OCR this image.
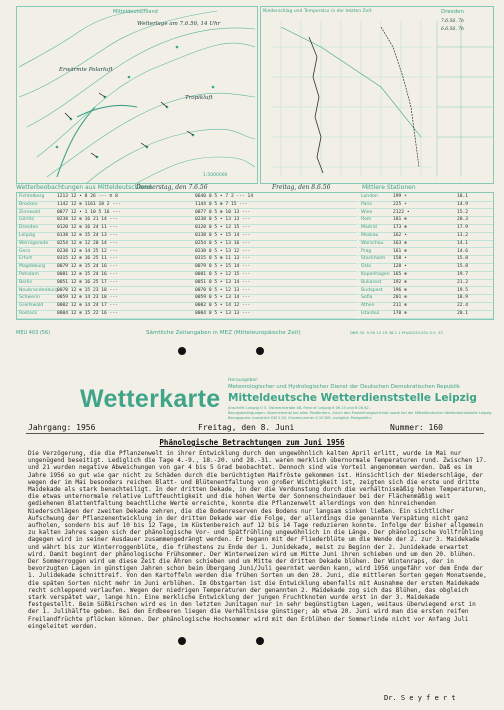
Mitteldeutschland
Wetterlage am 7.6.56, 14 Uhr
Erwärmte Polarluft
Tropikluft
1:5000000
Niederschlag und Temperatur in der letzten Zeit	Dresden
7.6.56, 7h
6.6.56, 7h
Wetterbeobachtungen aus Mitteldeutschland
Donnerstag, den 7.6.56	Freitag, den 8.6.56	Mittlere Stationen
Fichtelberg	1213 12 • 8 26 --- ≡ 8	0640 0 5 • 7 2 --- 14
Brocken	1142 12 ⊕ 1161 18 2 ---	1144 0 5 ⊕ 7 15 ---
Zinnwald	0877 12 • 1 10 5 16 ---	0877 0 5 ⊕ 10 13 ---
Görlitz	0238 12 ⊕ 16 21 14 ---	0238 0 5 • 13 13 ---
Dresden	0120 12 ⊕ 16 24 11 ---	0120 0 5 • 12 15 ---
Leipzig	0138 12 ⊕ 15 24 13 ---	0138 0 5 • 15 14 ---
Wernigerode 0254 12 ⊕ 12 20 14 ---	0254 0 5 • 13 16 ---
Gera	0238 12 ⊕ 14 25 12 ---	0238 0 5 • 13 12 ---
Erfurt	0315 12 ⊕ 16 25 11 ---	0315 0 5 ⊕ 11 13 ---
Magdeburg	0079 12 ⊕ 15 24 16 ---	0079 0 5 • 15 14 ---
Potsdam	0081 12 ⊕ 15 24 16 ---	0081 0 5 • 12 15 ---
Berlin	0051 12 ⊕ 16 25 17 ---	0051 0 5 • 13 14 ---
Neubrandenburg 0070 12 ⊕ 15 23 18 ---	0070 0 5 • 12 13 ---
Schwerin	0059 12 ⊕ 14 23 18 ---	0059 0 5 • 13 14 ---
Greifswald	0002 12 ⊕ 14 24 17 ---	0002 0 5 • 14 12 ---
Rostock	0004 12 ⊕ 15 22 16 ---	0004 0 5 • 13 13 ---
London	199 +	18.1
Paris	225 +	14.9
Wien	2122 •	15.2
Rom	181 ⊕	20.3
Madrid	173 ⊕	17.9
Moskau	162 •	13.2
Warschau 163 ⊕	14.1
Prag	161 ⊕	14.6
Stockholm 158 •	15.8
Oslo	128 •	15.8
Kopenhagen 165 ⊕	19.7
Bukarest	192 ⊕	21.2
Budapest 196 ⊕	19.5
Sofia	201 ⊕	18.9
Athen	211 ⊕	22.4
Istanbul	170 ⊕	20.1
MEU 403 (56)	Sämtliche Zeitangaben in MEZ (Mitteleuropäische Zeit)	DBR 30. 5.56 10 1R 38.1 1 PH/AG/30.031 0.5. 33
Wetterkarte
Herausgeber:
Meteorologischer und Hydrologischer Dienst der Deutschen Demokratischen Republik
Mitteldeutsche Wetterdienststelle Leipzig
Anschrift: Leipzig O 5, Ostmarkstraße 48, Fernruf: Leipzig 6 06 24 und 6 08 62.
Bezugsbedingungen: Abonnements bei allen Postämtern, durch den Postzeitungsvertrieb sowie bei der Mitteldeutschen Wetterdienststelle Leipzig.
Bezugspreis: monatlich DM 2,50. Einzelnummer 0,10 DM, zuzüglich Postgebühr.
Jahrgang: 1956	Freitag, den 8. Juni	Nummer: 160
Phänologische Betrachtungen zum Juni 1956

Die Verzögerung, die die Pflanzenwelt in ihrer Entwicklung durch den ungewöhnlich kalten April erlitt, wurde im Mai nur ungenügend beseitigt. Lediglich die Tage 4.-9., 18.-20. und 28.-31. waren merklich übernormale Temperaturen rund. Zwischen 17. und 21 wurden negative Abweichungen von gar 4 bis 5 Grad beobachtet. Dennoch sind wie Vorteil angenommen werden. Daß es im Jahre 1956 so gut wie gar nicht zu Schäden durch die berüchtigten Maifröste gekommen ist. Hinsichtlich der Niederschläge, der wegen der im Mai besonders reichen Blatt- und Blütenentfaltung von großer Wichtigkeit ist, zeigten sich die erste und dritte Maidekade als stark benachteiligt. In der dritten Dekade, in der die Verdunstung durch die verhältnismäßig hohen Temperaturen, die etwas unternormale relative Luftfeuchtigkeit und die hohen Werte der Sonnenscheindauer bei der Flächenmäßig weit gediehenen Blattentfaltung beachtliche Werte erreichte, konnte die Pflanzenwelt allerdings von den hinreichenden Niederschlägen der zweiten Dekade zehren, die die Bodenreserven des Bodens nur langsam sinken ließen. Ein sichtlicher Aufschwung der Pflanzenentwicklung in der dritten Dekade war die Folge, der allerdings die genannte Verspätung nicht ganz aufholen, sondern bis auf 10 bis 12 Tage, im Küstenbereich auf 12 bis 14 Tage reduzieren konnte. Infolge der bisher allgemein zu kalten Jahres sagen sich der phänologische Vor- und Spätfrühling ungewöhnlich in die Länge. Der phänologische Vollfrühling dagegen wird in seiner Ausdauer zusammengedrängt werden. Er begann mit der Fliederblüte um die Wende der 2. zur 3. Maidekade und währt bis zur Winterroggenblüte, die frühestens zu Ende der 1. Junidekade, meist zu Beginn der 2. Junidekade erwartet wird. Damit beginnt der phänologische Frühsommer. Der Winterweizen wird um Mitte Juni ihren schieben und um den 20. blühen. Der Sommerroggen wird um diese Zeit die Ähren schieben und um Mitte der dritten Dekade blühen. Der Wintenraps, der in bevorzugten Lagen in günstigen Jahren schon beim Übergang Juni/Juli geerntet werden kann, wird 1956 ungefähr vor dem Ende der 1. Julidekade schnittreif. Von den Kartoffeln werden die frühen Sorten um den 20. Juni, die mittleren Sorten gegen Monatsende, die späten Sorten nicht mehr im Juni erblühen. Im Obstgarten ist die Entwicklung ebenfalls mit Ausnahme der ersten Maidekade recht schleppend verlaufen. Wegen der niedrigen Temperaturen der genannten 2. Maidekade zog sich das Blühen, das obgleich stark verspätet war, lange hin. Eine merkliche Entwicklung der jungen Fruchtknoten wurde erst in der 3. Maidekade festgestellt. Beim Süßkirschen wird es in den letzten Junitagen nur in sehr begünstigten Lagen, weitaus überwiegend erst in der 1. Julihälfte geben. Bei den Erdbeeren liegen die Verhältnisse günstiger; ab etwa 20. Juni wird man die ersten reifen Freilandfrüchte pflücken können. Der phänologische Hochsommer wird mit den Erblühen der Sommerlinde nicht vor Anfang Juli eingeleitet werden.

Dr. S e y f e r t
